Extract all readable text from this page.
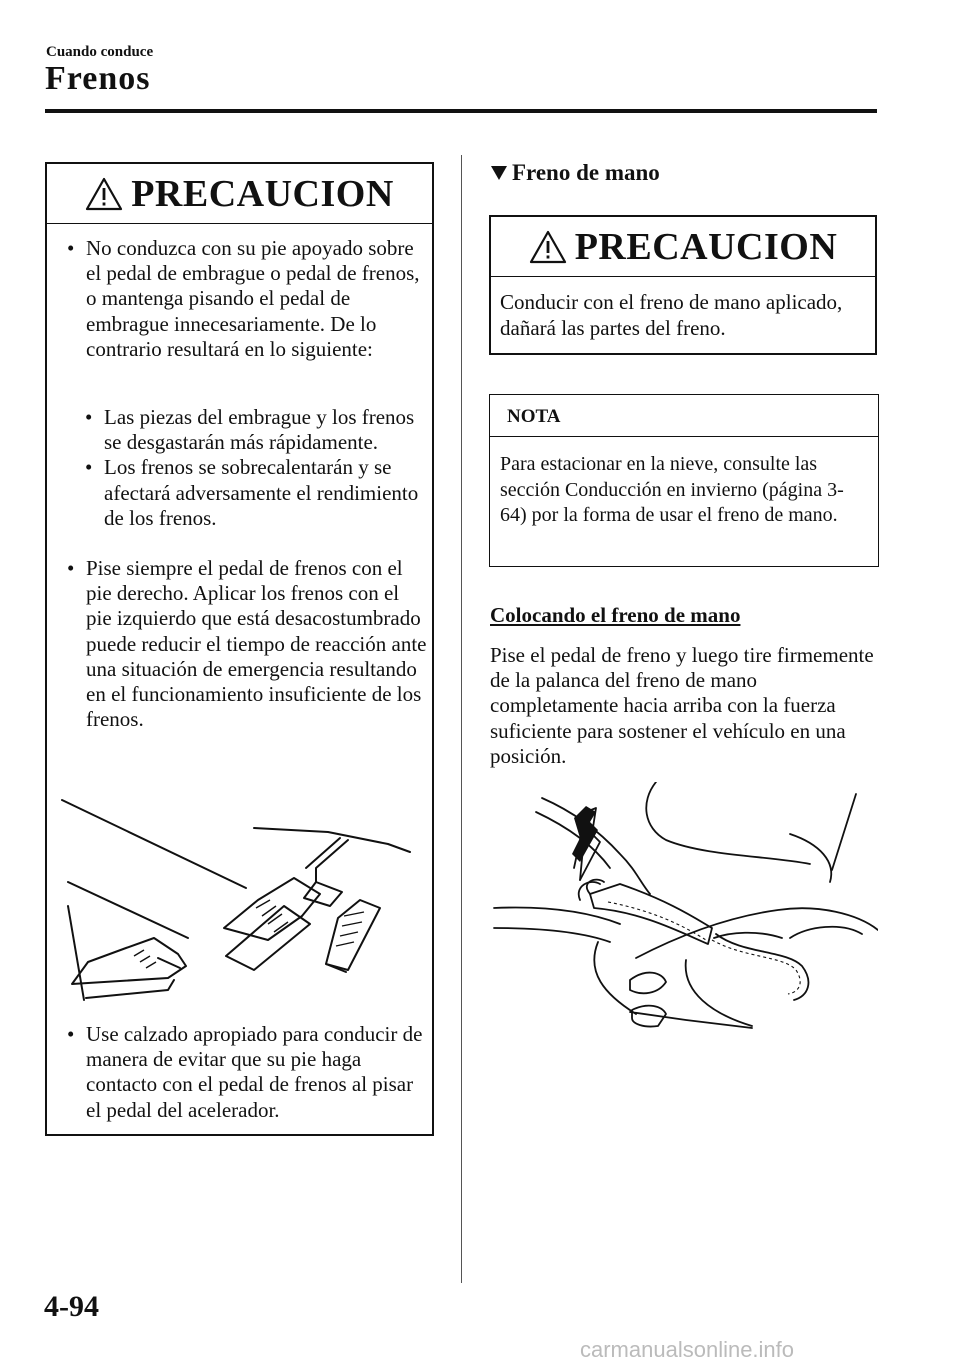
Cuando conduce
Frenos
PRECAUCION
• No conduzca con su pie apoyado sobre el pedal de embrague o pedal de frenos, o mantenga pisando el pedal de embrague innecesariamente. De lo contrario resultará en lo siguiente:
• Las piezas del embrague y los frenos se desgastarán más rápidamente.
• Los frenos se sobrecalentarán y se afectará adversamente el rendimiento de los frenos.
• Pise siempre el pedal de frenos con el pie derecho. Aplicar los frenos con el pie izquierdo que está desacostumbrado puede reducir el tiempo de reacción ante una situación de emergencia resultando en el funcionamiento insuficiente de los frenos.
• Use calzado apropiado para conducir de manera de evitar que su pie haga contacto con el pedal de frenos al pisar el pedal del acelerador.
Freno de mano
PRECAUCION
Conducir con el freno de mano aplicado, dañará las partes del freno.
NOTA
Para estacionar en la nieve, consulte las sección Conducción en invierno (página 3-64) por la forma de usar el freno de mano.
Colocando el freno de mano
Pise el pedal de freno y luego tire firmemente de la palanca del freno de mano completamente hacia arriba con la fuerza suficiente para sostener el vehículo en una posición.
4-94
carmanualsonline.info
